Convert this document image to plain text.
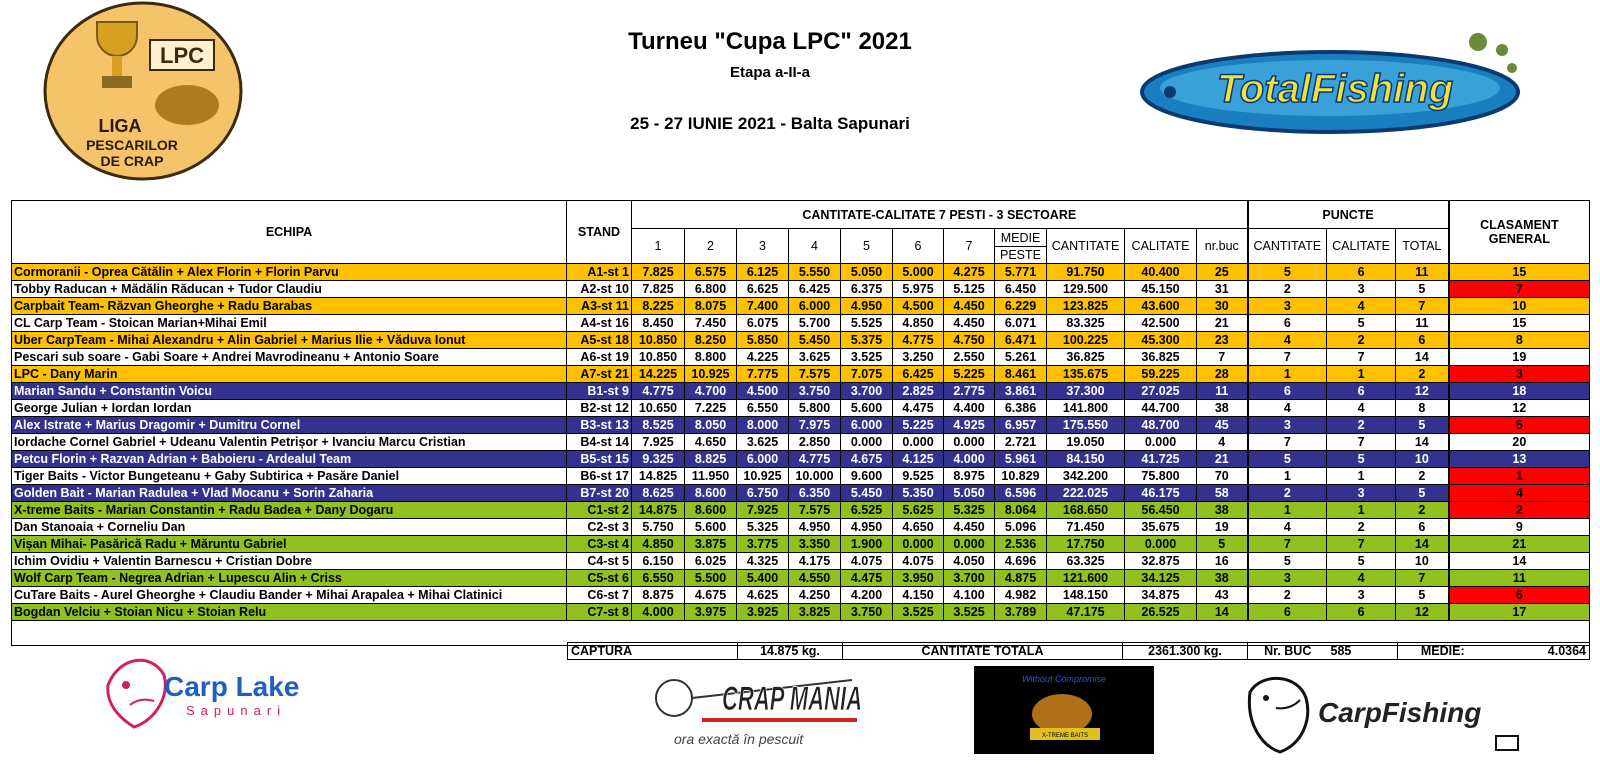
Turneu "Cupa LPC" 2021
Etapa a-II-a
25 - 27 IUNIE 2021 - Balta Sapunari
LPC
LIGA
PESCARILOR
DE CRAP
TotalFishing
ECHIPA	STAND	CANTITATE-CALITATE 7 PESTI - 3 SECTOARE											PUNCTE			CLASAMENT
GENERAL
		1	2	3	4	5	6	7	MEDIE	CANTITATE	CALITATE	nr.buc	CANTITATE	CALITATE	TOTAL	
									PESTE							
Cormoranii - Oprea Cătălin + Alex Florin + Florin Parvu	A1-st 1	7.825	6.575	6.125	5.550	5.050	5.000	4.275	5.771	91.750	40.400	25	5	6	11	15
Tobby Raducan + Mădălin Răducan + Tudor Claudiu	A2-st 10	7.825	6.800	6.625	6.425	6.375	5.975	5.125	6.450	129.500	45.150	31	2	3	5	7
Carpbait Team- Răzvan Gheorghe + Radu Barabas	A3-st 11	8.225	8.075	7.400	6.000	4.950	4.500	4.450	6.229	123.825	43.600	30	3	4	7	10
CL Carp Team - Stoican Marian+Mihai Emil	A4-st 16	8.450	7.450	6.075	5.700	5.525	4.850	4.450	6.071	83.325	42.500	21	6	5	11	15
Uber CarpTeam - Mihai Alexandru + Alin Gabriel + Marius Ilie + Văduva Ionut	A5-st 18	10.850	8.250	5.850	5.450	5.375	4.775	4.750	6.471	100.225	45.300	23	4	2	6	8
Pescari sub soare - Gabi Soare + Andrei Mavrodineanu + Antonio Soare	A6-st 19	10.850	8.800	4.225	3.625	3.525	3.250	2.550	5.261	36.825	36.825	7	7	7	14	19
LPC - Dany Marin	A7-st 21	14.225	10.925	7.775	7.575	7.075	6.425	5.225	8.461	135.675	59.225	28	1	1	2	3
Marian Sandu + Constantin Voicu	B1-st 9	4.775	4.700	4.500	3.750	3.700	2.825	2.775	3.861	37.300	27.025	11	6	6	12	18
George Julian + Iordan Iordan	B2-st 12	10.650	7.225	6.550	5.800	5.600	4.475	4.400	6.386	141.800	44.700	38	4	4	8	12
Alex Istrate + Marius Dragomir + Dumitru Cornel	B3-st 13	8.525	8.050	8.000	7.975	6.000	5.225	4.925	6.957	175.550	48.700	45	3	2	5	5
Iordache Cornel Gabriel + Udeanu Valentin Petrișor + Ivanciu Marcu Cristian	B4-st 14	7.925	4.650	3.625	2.850	0.000	0.000	0.000	2.721	19.050	0.000	4	7	7	14	20
Petcu Florin + Razvan Adrian + Baboieru - Ardealul Team	B5-st 15	9.325	8.825	6.000	4.775	4.675	4.125	4.000	5.961	84.150	41.725	21	5	5	10	13
Tiger Baits - Victor Bungeteanu + Gaby Subtirica + Pasăre Daniel	B6-st 17	14.825	11.950	10.925	10.000	9.600	9.525	8.975	10.829	342.200	75.800	70	1	1	2	1
Golden Bait - Marian Radulea + Vlad Mocanu + Sorin Zaharia	B7-st 20	8.625	8.600	6.750	6.350	5.450	5.350	5.050	6.596	222.025	46.175	58	2	3	5	4
X-treme Baits - Marian Constantin + Radu Badea + Dany Dogaru	C1-st 2	14.875	8.600	7.925	7.575	6.525	5.625	5.325	8.064	168.650	56.450	38	1	1	2	2
Dan Stanoaia + Corneliu Dan	C2-st 3	5.750	5.600	5.325	4.950	4.950	4.650	4.450	5.096	71.450	35.675	19	4	2	6	9
Vișan Mihai- Pasărică Radu + Măruntu Gabriel	C3-st 4	4.850	3.875	3.775	3.350	1.900	0.000	0.000	2.536	17.750	0.000	5	7	7	14	21
Ichim Ovidiu + Valentin Barnescu + Cristian Dobre	C4-st 5	6.150	6.025	4.325	4.175	4.075	4.075	4.050	4.696	63.325	32.875	16	5	5	10	14
Wolf Carp Team - Negrea Adrian + Lupescu Alin + Criss	C5-st 6	6.550	5.500	5.400	4.550	4.475	3.950	3.700	4.875	121.600	34.125	38	3	4	7	11
CuTare Baits - Aurel Gheorghe + Claudiu Bander + Mihai Arapalea + Mihai Clatinici	C6-st 7	8.875	4.675	4.625	4.250	4.200	4.150	4.100	4.982	148.150	34.875	43	2	3	5	6
Bogdan Velciu + Stoian Nicu + Stoian Relu	C7-st 8	4.000	3.975	3.925	3.825	3.750	3.525	3.525	3.789	47.175	26.525	14	6	6	12	17

CAPTURA	14.875 kg.	CANTITATE TOTALA	2361.300 kg.	Nr. BUC	585	MEDIE:	4.0364
Carp Lake
Sapunari	CRAP MANIA
ora exactă în pescuit
Without Compromise
X-TREME BAITS
CarpFishing
